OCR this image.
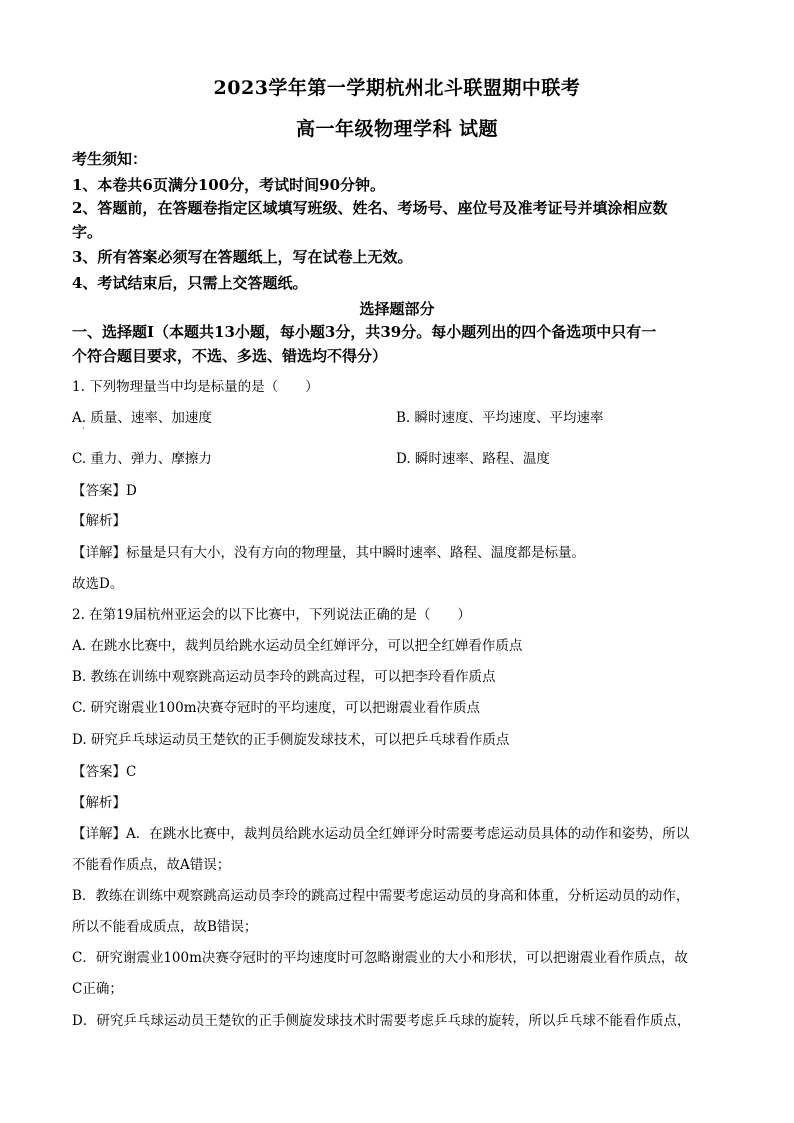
2023学年第一学期杭州北斗联盟期中联考
高一年级物理学科 试题
考生须知：
1、本卷共6页满分100分，考试时间90分钟。
2、答题前，在答题卷指定区域填写班级、姓名、考场号、座位号及准考证号并填涂相应数
字。
3、所有答案必须写在答题纸上，写在试卷上无效。
4、考试结束后，只需上交答题纸。
选择题部分
一、选择题Ⅰ（本题共13小题，每小题3分，共39分。每小题列出的四个备选项中只有一
个符合题目要求，不选、多选、错选均不得分）
1. 下列物理量当中均是标量的是（　　）
A. 质量、速率、加速度	B. 瞬时速度、平均速度、平均速率
·
C. 重力、弹力、摩擦力	D. 瞬时速率、路程、温度
【答案】D
【解析】
【详解】标量是只有大小，没有方向的物理量，其中瞬时速率、路程、温度都是标量。
故选D。
2. 在第19届杭州亚运会的以下比赛中，下列说法正确的是（　　）
A. 在跳水比赛中，裁判员给跳水运动员全红婵评分，可以把全红婵看作质点
B. 教练在训练中观察跳高运动员李玲的跳高过程，可以把李玲看作质点
C. 研究谢震业100m决赛夺冠时的平均速度，可以把谢震业看作质点
D. 研究乒乓球运动员王楚钦的正手侧旋发球技术，可以把乒乓球看作质点
【答案】C
【解析】
【详解】A．在跳水比赛中，裁判员给跳水运动员全红婵评分时需要考虑运动员具体的动作和姿势，所以
不能看作质点，故A错误；
B．教练在训练中观察跳高运动员李玲的跳高过程中需要考虑运动员的身高和体重，分析运动员的动作，
所以不能看成质点，故B错误；
C．研究谢震业100m决赛夺冠时的平均速度时可忽略谢震业的大小和形状，可以把谢震业看作质点，故
C正确；
D．研究乒乓球运动员王楚钦的正手侧旋发球技术时需要考虑乒乓球的旋转，所以乒乓球不能看作质点，
